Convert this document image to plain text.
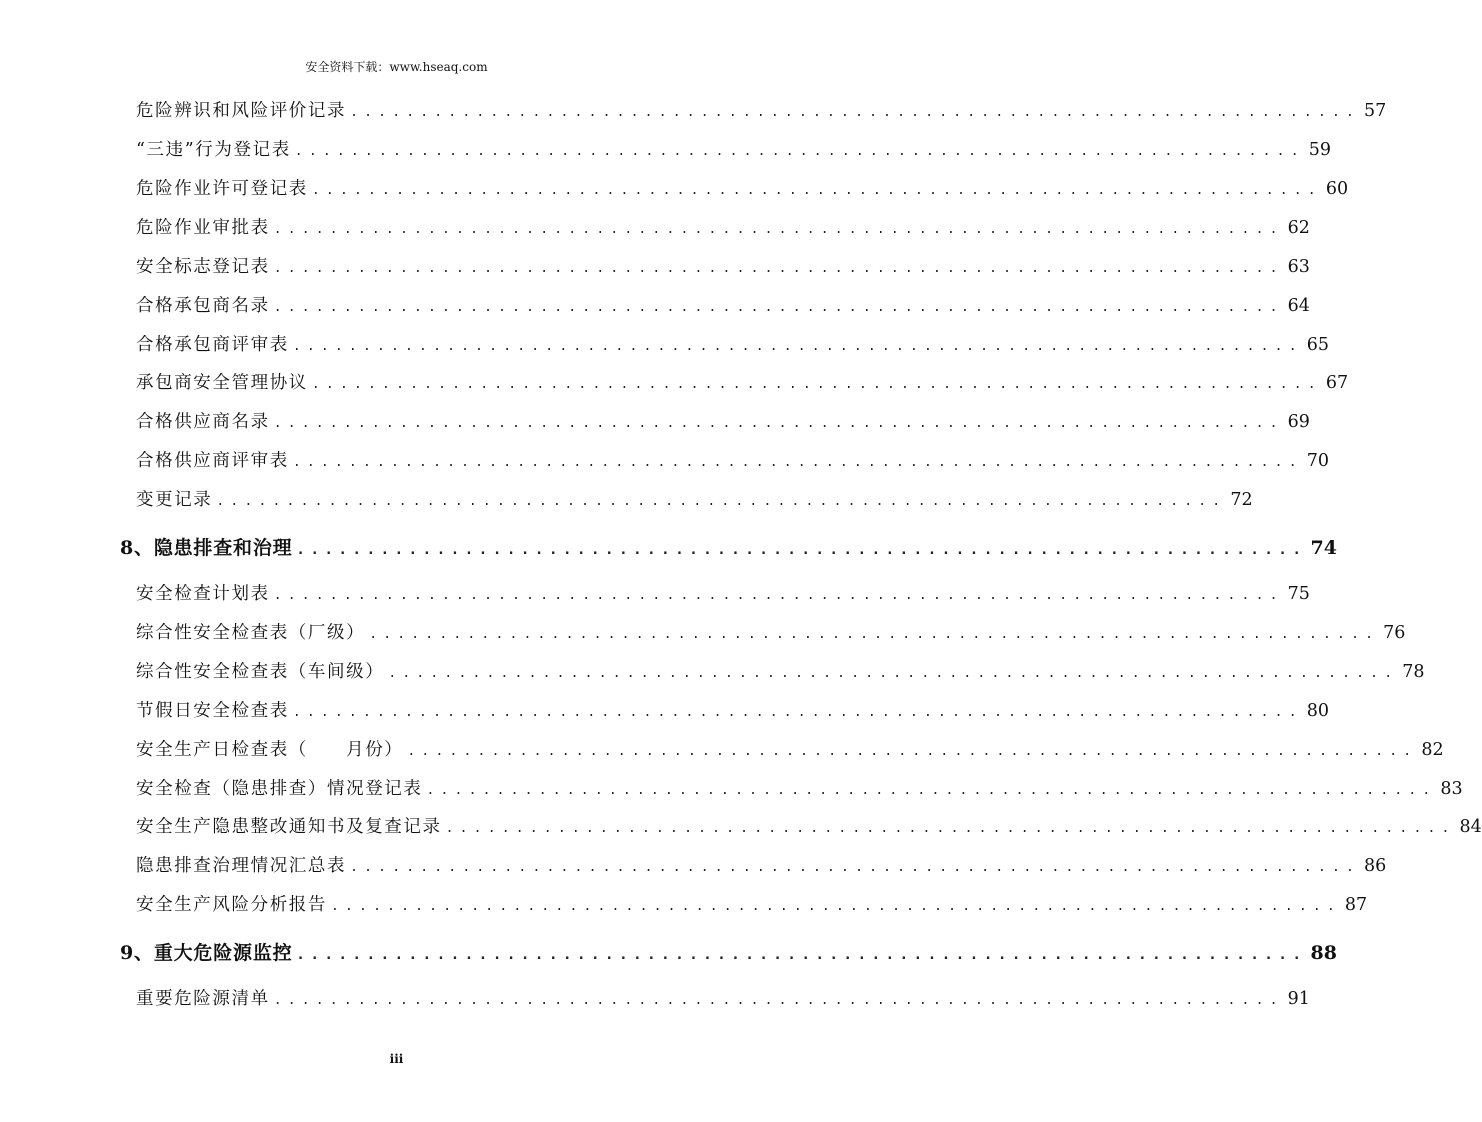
安全资料下载：www.hseaq.com
危险辨识和风险评价记录 ........................................................................ 57
“三违”行为登记表 ........................................................................ 59
危险作业许可登记表 ........................................................................ 60
危险作业审批表 ........................................................................ 62
安全标志登记表 ........................................................................ 63
合格承包商名录 ........................................................................ 64
合格承包商评审表 ........................................................................ 65
承包商安全管理协议 ........................................................................ 67
合格供应商名录 ........................................................................ 69
合格供应商评审表 ........................................................................ 70
变更记录 ........................................................................ 72
8、隐患排查和治理 ........................................................................ 74
安全检查计划表 ........................................................................ 75
综合性安全检查表（厂级） ........................................................................ 76
综合性安全检查表（车间级） ........................................................................ 78
节假日安全检查表 ........................................................................ 80
安全生产日检查表（　　月份） ........................................................................ 82
安全检查（隐患排查）情况登记表 ........................................................................ 83
安全生产隐患整改通知书及复查记录 ........................................................................ 84
隐患排查治理情况汇总表 ........................................................................ 86
安全生产风险分析报告 ........................................................................ 87
9、重大危险源监控 ........................................................................ 88
重要危险源清单 ........................................................................ 91
iii
